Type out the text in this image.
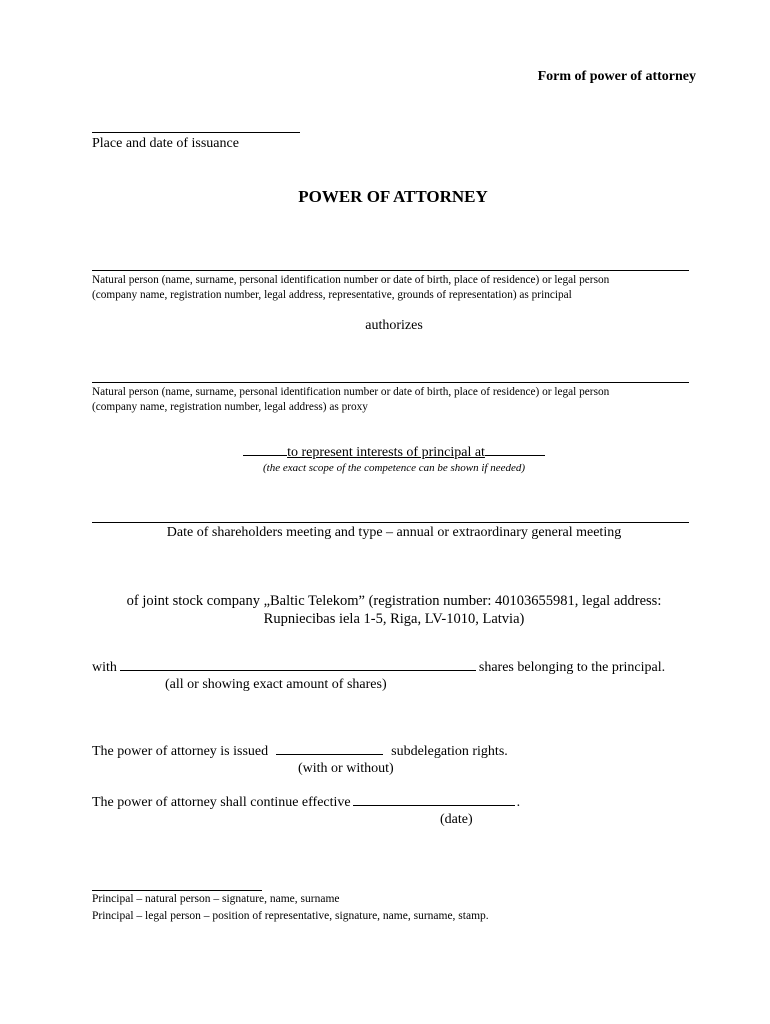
Form of power of attorney
Place and date of issuance
POWER OF ATTORNEY
Natural person (name, surname, personal identification number or date of birth, place of residence) or legal person
(company name, registration number, legal address, representative, grounds of representation) as principal
authorizes
Natural person (name, surname, personal identification number or date of birth, place of residence) or legal person
(company name, registration number, legal address) as proxy
to represent interests of principal at
(the exact scope of the competence can be shown if needed)
Date of shareholders meeting and type – annual or extraordinary general meeting
of joint stock company „Baltic Telekom” (registration number: 40103655981, legal address:
Rupniecibas iela 1-5, Riga, LV-1010, Latvia)
with	shares belonging to the principal.
(all or showing exact amount of shares)
The power of attorney is issued	subdelegation rights.
(with or without)
The power of attorney shall continue effective	.
(date)
Principal – natural person – signature, name, surname
Principal – legal person – position of representative, signature, name, surname, stamp.
